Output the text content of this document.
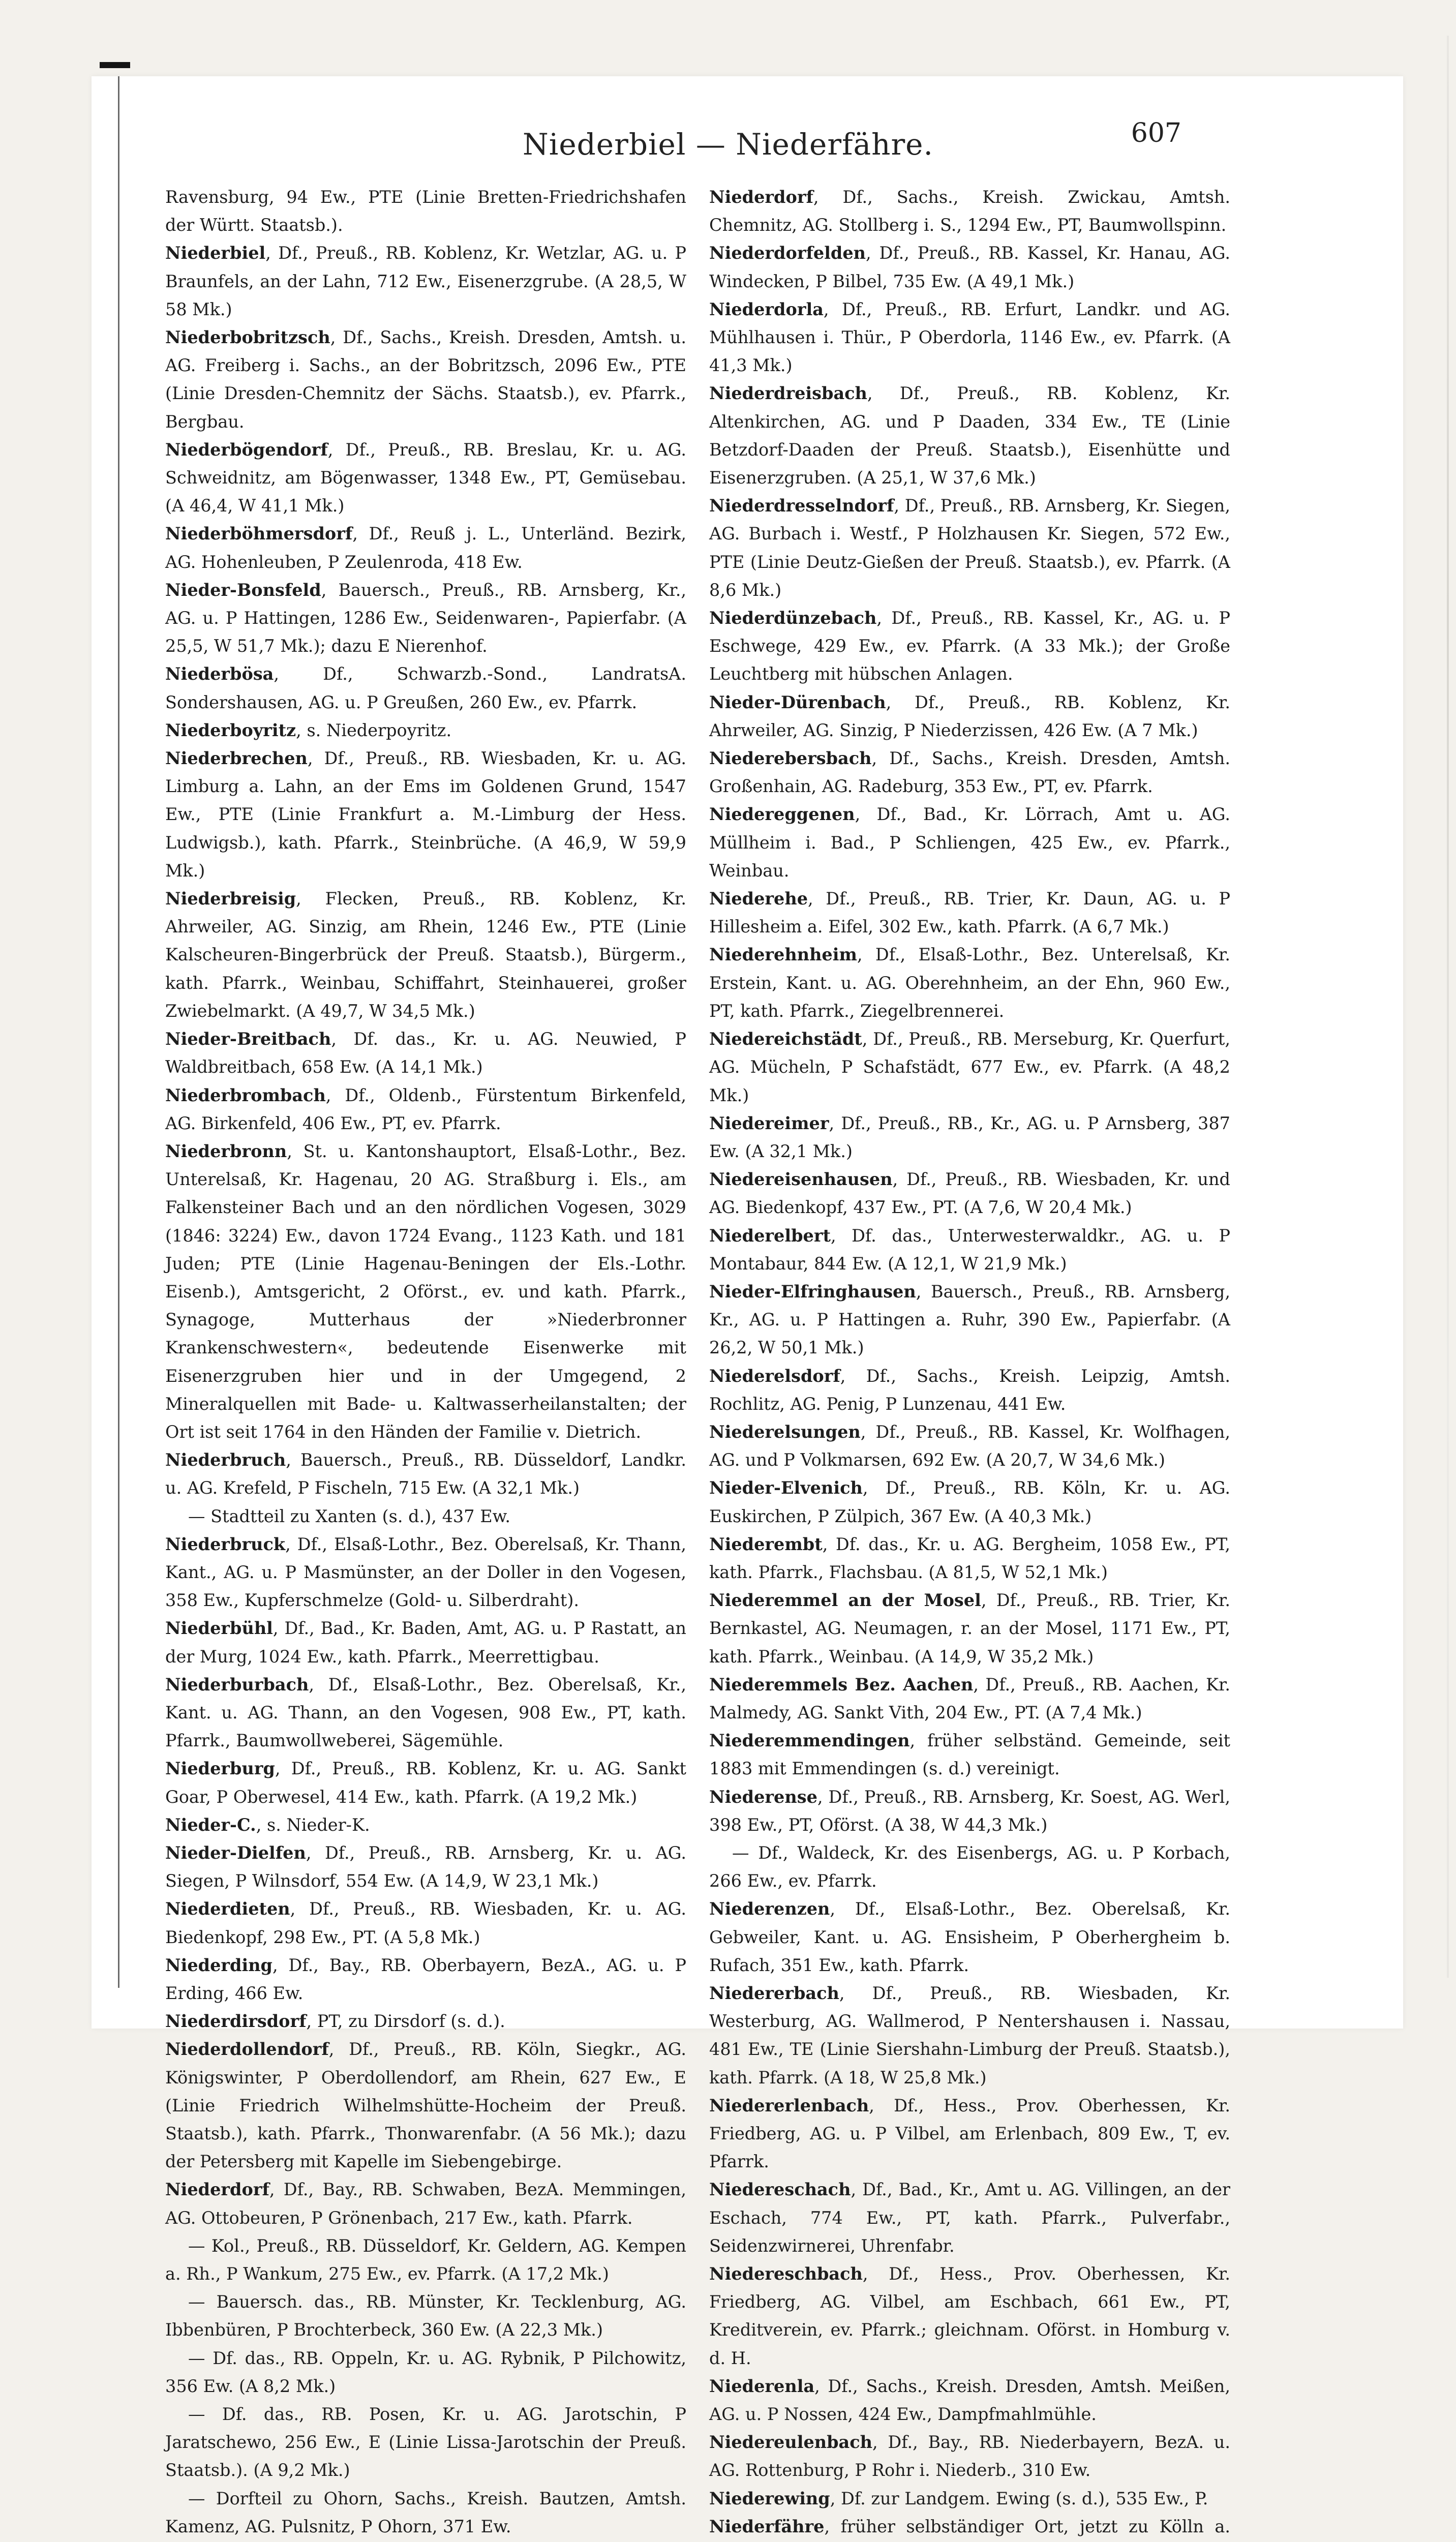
Niederbiel — Niederfähre.	607

Ravensburg, 94 Ew., PTE (Linie Bretten-Friedrichshafen der Württ. Staatsb.).

Niederbiel, Df., Preuß., RB. Koblenz, Kr. Wetzlar, AG. u. P Braunfels, an der Lahn, 712 Ew., Eisenerzgrube. (A 28,5, W 58 Mk.)

Niederbobritzsch, Df., Sachs., Kreish. Dresden, Amtsh. u. AG. Freiberg i. Sachs., an der Bobritzsch, 2096 Ew., PTE (Linie Dresden-Chemnitz der Sächs. Staatsb.), ev. Pfarrk., Bergbau.

Niederbögendorf, Df., Preuß., RB. Breslau, Kr. u. AG. Schweidnitz, am Bögenwasser, 1348 Ew., PT, Gemüsebau. (A 46,4, W 41,1 Mk.)

Niederböhmersdorf, Df., Reuß j. L., Unterländ. Bezirk, AG. Hohenleuben, P Zeulenroda, 418 Ew.

Nieder-Bonsfeld, Bauersch., Preuß., RB. Arnsberg, Kr., AG. u. P Hattingen, 1286 Ew., Seidenwaren-, Papierfabr. (A 25,5, W 51,7 Mk.); dazu E Nierenhof.

Niederbösa, Df., Schwarzb.-Sond., LandratsA. Sondershausen, AG. u. P Greußen, 260 Ew., ev. Pfarrk.

Niederboyritz, s. Niederpoyritz.

Niederbrechen, Df., Preuß., RB. Wiesbaden, Kr. u. AG. Limburg a. Lahn, an der Ems im Goldenen Grund, 1547 Ew., PTE (Linie Frankfurt a. M.-Limburg der Hess. Ludwigsb.), kath. Pfarrk., Steinbrüche. (A 46,9, W 59,9 Mk.)

Niederbreisig, Flecken, Preuß., RB. Koblenz, Kr. Ahrweiler, AG. Sinzig, am Rhein, 1246 Ew., PTE (Linie Kalscheuren-Bingerbrück der Preuß. Staatsb.), Bürgerm., kath. Pfarrk., Weinbau, Schiffahrt, Steinhauerei, großer Zwiebelmarkt. (A 49,7, W 34,5 Mk.)

Nieder-Breitbach, Df. das., Kr. u. AG. Neuwied, P Waldbreitbach, 658 Ew. (A 14,1 Mk.)

Niederbrombach, Df., Oldenb., Fürstentum Birkenfeld, AG. Birkenfeld, 406 Ew., PT, ev. Pfarrk.

Niederbronn, St. u. Kantonshauptort, Elsaß-Lothr., Bez. Unterelsaß, Kr. Hagenau, 20 AG. Straßburg i. Els., am Falkensteiner Bach und an den nördlichen Vogesen, 3029 (1846: 3224) Ew., davon 1724 Evang., 1123 Kath. und 181 Juden; PTE (Linie Hagenau-Beningen der Els.-Lothr. Eisenb.), Amtsgericht, 2 Oförst., ev. und kath. Pfarrk., Synagoge, Mutterhaus der »Niederbronner Krankenschwestern«, bedeutende Eisenwerke mit Eisenerzgruben hier und in der Umgegend, 2 Mineralquellen mit Bade- u. Kaltwasserheilanstalten; der Ort ist seit 1764 in den Händen der Familie v. Dietrich.

Niederbruch, Bauersch., Preuß., RB. Düsseldorf, Landkr. u. AG. Krefeld, P Fischeln, 715 Ew. (A 32,1 Mk.)

— Stadtteil zu Xanten (s. d.), 437 Ew.

Niederbruck, Df., Elsaß-Lothr., Bez. Oberelsaß, Kr. Thann, Kant., AG. u. P Masmünster, an der Doller in den Vogesen, 358 Ew., Kupferschmelze (Gold- u. Silberdraht).

Niederbühl, Df., Bad., Kr. Baden, Amt, AG. u. P Rastatt, an der Murg, 1024 Ew., kath. Pfarrk., Meerrettigbau.

Niederburbach, Df., Elsaß-Lothr., Bez. Oberelsaß, Kr., Kant. u. AG. Thann, an den Vogesen, 908 Ew., PT, kath. Pfarrk., Baumwollweberei, Sägemühle.

Niederburg, Df., Preuß., RB. Koblenz, Kr. u. AG. Sankt Goar, P Oberwesel, 414 Ew., kath. Pfarrk. (A 19,2 Mk.)

Nieder-C., s. Nieder-K.

Nieder-Dielfen, Df., Preuß., RB. Arnsberg, Kr. u. AG. Siegen, P Wilnsdorf, 554 Ew. (A 14,9, W 23,1 Mk.)

Niederdieten, Df., Preuß., RB. Wiesbaden, Kr. u. AG. Biedenkopf, 298 Ew., PT. (A 5,8 Mk.)

Niederding, Df., Bay., RB. Oberbayern, BezA., AG. u. P Erding, 466 Ew.

Niederdirsdorf, PT, zu Dirsdorf (s. d.).

Niederdollendorf, Df., Preuß., RB. Köln, Siegkr., AG. Königswinter, P Oberdollendorf, am Rhein, 627 Ew., E (Linie Friedrich Wilhelmshütte-Hocheim der Preuß. Staatsb.), kath. Pfarrk., Thonwarenfabr. (A 56 Mk.); dazu der Petersberg mit Kapelle im Siebengebirge.

Niederdorf, Df., Bay., RB. Schwaben, BezA. Memmingen, AG. Ottobeuren, P Grönenbach, 217 Ew., kath. Pfarrk.

— Kol., Preuß., RB. Düsseldorf, Kr. Geldern, AG. Kempen a. Rh., P Wankum, 275 Ew., ev. Pfarrk. (A 17,2 Mk.)

— Bauersch. das., RB. Münster, Kr. Tecklenburg, AG. Ibbenbüren, P Brochterbeck, 360 Ew. (A 22,3 Mk.)

— Df. das., RB. Oppeln, Kr. u. AG. Rybnik, P Pilchowitz, 356 Ew. (A 8,2 Mk.)

— Df. das., RB. Posen, Kr. u. AG. Jarotschin, P Jaratschewo, 256 Ew., E (Linie Lissa-Jarotschin der Preuß. Staatsb.). (A 9,2 Mk.)

— Dorfteil zu Ohorn, Sachs., Kreish. Bautzen, Amtsh. Kamenz, AG. Pulsnitz, P Ohorn, 371 Ew.

Niederdorf, Df., Sachs., Kreish. Zwickau, Amtsh. Chemnitz, AG. Stollberg i. S., 1294 Ew., PT, Baumwollspinn.

Niederdorfelden, Df., Preuß., RB. Kassel, Kr. Hanau, AG. Windecken, P Bilbel, 735 Ew. (A 49,1 Mk.)

Niederdorla, Df., Preuß., RB. Erfurt, Landkr. und AG. Mühlhausen i. Thür., P Oberdorla, 1146 Ew., ev. Pfarrk. (A 41,3 Mk.)

Niederdreisbach, Df., Preuß., RB. Koblenz, Kr. Altenkirchen, AG. und P Daaden, 334 Ew., TE (Linie Betzdorf-Daaden der Preuß. Staatsb.), Eisenhütte und Eisenerzgruben. (A 25,1, W 37,6 Mk.)

Niederdresselndorf, Df., Preuß., RB. Arnsberg, Kr. Siegen, AG. Burbach i. Westf., P Holzhausen Kr. Siegen, 572 Ew., PTE (Linie Deutz-Gießen der Preuß. Staatsb.), ev. Pfarrk. (A 8,6 Mk.)

Niederdünzebach, Df., Preuß., RB. Kassel, Kr., AG. u. P Eschwege, 429 Ew., ev. Pfarrk. (A 33 Mk.); der Große Leuchtberg mit hübschen Anlagen.

Nieder-Dürenbach, Df., Preuß., RB. Koblenz, Kr. Ahrweiler, AG. Sinzig, P Niederzissen, 426 Ew. (A 7 Mk.)

Niederebersbach, Df., Sachs., Kreish. Dresden, Amtsh. Großenhain, AG. Radeburg, 353 Ew., PT, ev. Pfarrk.

Niedereggenen, Df., Bad., Kr. Lörrach, Amt u. AG. Müllheim i. Bad., P Schliengen, 425 Ew., ev. Pfarrk., Weinbau.

Niederehe, Df., Preuß., RB. Trier, Kr. Daun, AG. u. P Hillesheim a. Eifel, 302 Ew., kath. Pfarrk. (A 6,7 Mk.)

Niederehnheim, Df., Elsaß-Lothr., Bez. Unterelsaß, Kr. Erstein, Kant. u. AG. Oberehnheim, an der Ehn, 960 Ew., PT, kath. Pfarrk., Ziegelbrennerei.

Niedereichstädt, Df., Preuß., RB. Merseburg, Kr. Querfurt, AG. Mücheln, P Schafstädt, 677 Ew., ev. Pfarrk. (A 48,2 Mk.)

Niedereimer, Df., Preuß., RB., Kr., AG. u. P Arnsberg, 387 Ew. (A 32,1 Mk.)

Niedereisenhausen, Df., Preuß., RB. Wiesbaden, Kr. und AG. Biedenkopf, 437 Ew., PT. (A 7,6, W 20,4 Mk.)

Niederelbert, Df. das., Unterwesterwaldkr., AG. u. P Montabaur, 844 Ew. (A 12,1, W 21,9 Mk.)

Nieder-Elfringhausen, Bauersch., Preuß., RB. Arnsberg, Kr., AG. u. P Hattingen a. Ruhr, 390 Ew., Papierfabr. (A 26,2, W 50,1 Mk.)

Niederelsdorf, Df., Sachs., Kreish. Leipzig, Amtsh. Rochlitz, AG. Penig, P Lunzenau, 441 Ew.

Niederelsungen, Df., Preuß., RB. Kassel, Kr. Wolfhagen, AG. und P Volkmarsen, 692 Ew. (A 20,7, W 34,6 Mk.)

Nieder-Elvenich, Df., Preuß., RB. Köln, Kr. u. AG. Euskirchen, P Zülpich, 367 Ew. (A 40,3 Mk.)

Niederembt, Df. das., Kr. u. AG. Bergheim, 1058 Ew., PT, kath. Pfarrk., Flachsbau. (A 81,5, W 52,1 Mk.)

Niederemmel an der Mosel, Df., Preuß., RB. Trier, Kr. Bernkastel, AG. Neumagen, r. an der Mosel, 1171 Ew., PT, kath. Pfarrk., Weinbau. (A 14,9, W 35,2 Mk.)

Niederemmels Bez. Aachen, Df., Preuß., RB. Aachen, Kr. Malmedy, AG. Sankt Vith, 204 Ew., PT. (A 7,4 Mk.)

Niederemmendingen, früher selbständ. Gemeinde, seit 1883 mit Emmendingen (s. d.) vereinigt.

Niederense, Df., Preuß., RB. Arnsberg, Kr. Soest, AG. Werl, 398 Ew., PT, Oförst. (A 38, W 44,3 Mk.)

— Df., Waldeck, Kr. des Eisenbergs, AG. u. P Korbach, 266 Ew., ev. Pfarrk.

Niederenzen, Df., Elsaß-Lothr., Bez. Oberelsaß, Kr. Gebweiler, Kant. u. AG. Ensisheim, P Oberhergheim b. Rufach, 351 Ew., kath. Pfarrk.

Niedererbach, Df., Preuß., RB. Wiesbaden, Kr. Westerburg, AG. Wallmerod, P Nentershausen i. Nassau, 481 Ew., TE (Linie Siershahn-Limburg der Preuß. Staatsb.), kath. Pfarrk. (A 18, W 25,8 Mk.)

Niedererlenbach, Df., Hess., Prov. Oberhessen, Kr. Friedberg, AG. u. P Vilbel, am Erlenbach, 809 Ew., T, ev. Pfarrk.

Niedereschach, Df., Bad., Kr., Amt u. AG. Villingen, an der Eschach, 774 Ew., PT, kath. Pfarrk., Pulverfabr., Seidenzwirnerei, Uhrenfabr.

Niedereschbach, Df., Hess., Prov. Oberhessen, Kr. Friedberg, AG. Vilbel, am Eschbach, 661 Ew., PT, Kreditverein, ev. Pfarrk.; gleichnam. Oförst. in Homburg v. d. H.

Niederenla, Df., Sachs., Kreish. Dresden, Amtsh. Meißen, AG. u. P Nossen, 424 Ew., Dampfmahlmühle.

Niedereulenbach, Df., Bay., RB. Niederbayern, BezA. u. AG. Rottenburg, P Rohr i. Niederb., 310 Ew.

Niederewing, Df. zur Landgem. Ewing (s. d.), 535 Ew., P.

Niederfähre, früher selbständiger Ort, jetzt zu Kölln a.
